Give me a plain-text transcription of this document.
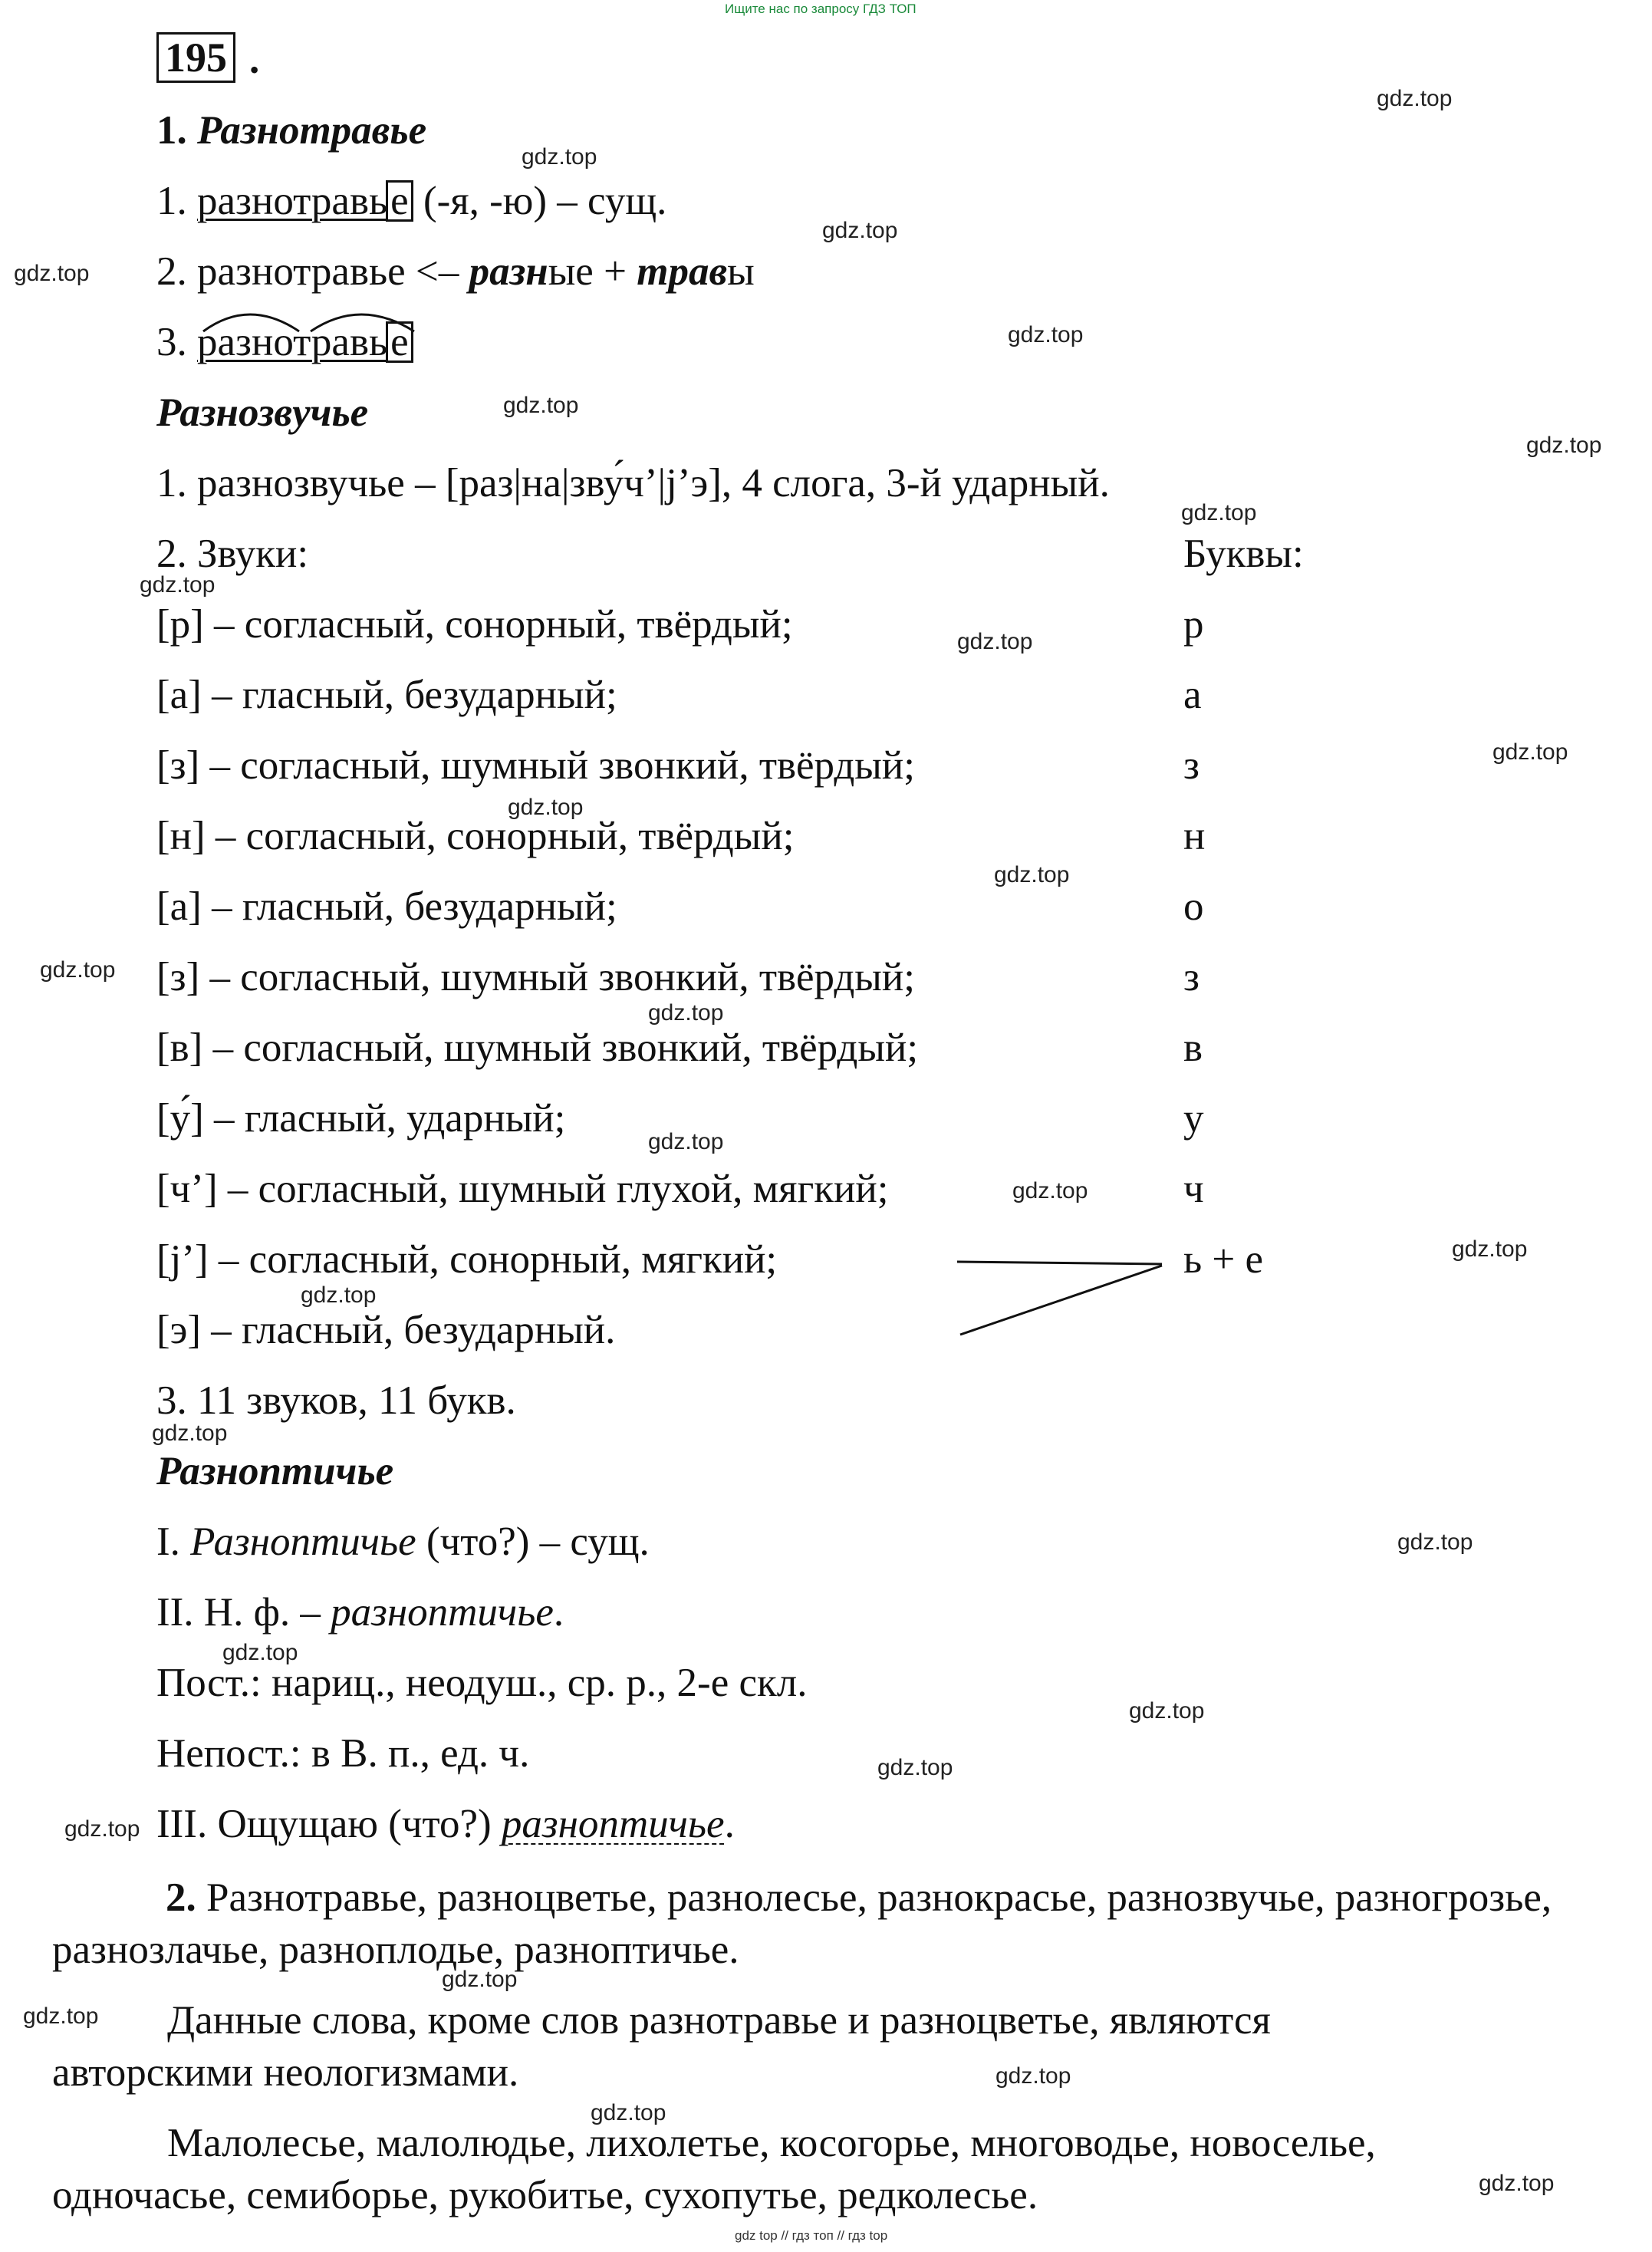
Ищите нас по запросу ГДЗ ТОП
gdz top // гдз топ // гдз top
195 .
1. Разнотравье
1. разнотравье (-я, -ю) – сущ.
2. разнотравье <– разные + травы
3. разнотравье
Разнозвучье
1. разнозвучье – [раз|на|зву́ч’|j’э], 4 слога, 3-й ударный.
2. Звуки:	Буквы:
[р] – согласный, сонорный, твёрдый;	р
[а] – гласный, безударный;	а
[з] – согласный, шумный звонкий, твёрдый;	з
[н] – согласный, сонорный, твёрдый;	н
[а] – гласный, безударный;	о
[з] – согласный, шумный звонкий, твёрдый;	з
[в] – согласный, шумный звонкий, твёрдый;	в
[у́] – гласный, ударный;	у
[ч’] – согласный, шумный глухой, мягкий;	ч
[j’] – согласный, сонорный, мягкий;	ь + е
[э] – гласный, безударный.
3. 11 звуков, 11 букв.
Разноптичье
I. Разноптичье (что?) – сущ.
II. Н. ф. – разноптичье.
Пост.: нариц., неодуш., ср. р., 2-е скл.
Непост.: в В. п., ед. ч.
III. Ощущаю (что?) разноптичье.
2. Разнотравье, разноцветье, разнолесье, разнокрасье, разнозвучье, разногрозье, разнозлачье, разноплодье, разноптичье.
Данные слова, кроме слов разнотравье и разноцветье, являются авторскими неологизмами.
Малолесье, малолюдье, лихолетье, косогорье, многоводье, новоселье, одночасье, семиборье, рукобитье, сухопутье, редколесье.
gdz.top
gdz.top
gdz.top
gdz.top
gdz.top
gdz.top
gdz.top
gdz.top
gdz.top
gdz.top
gdz.top
gdz.top
gdz.top
gdz.top
gdz.top
gdz.top
gdz.top
gdz.top
gdz.top
gdz.top
gdz.top
gdz.top
gdz.top
gdz.top
gdz.top
gdz.top
gdz.top
gdz.top
gdz.top
gdz.top
